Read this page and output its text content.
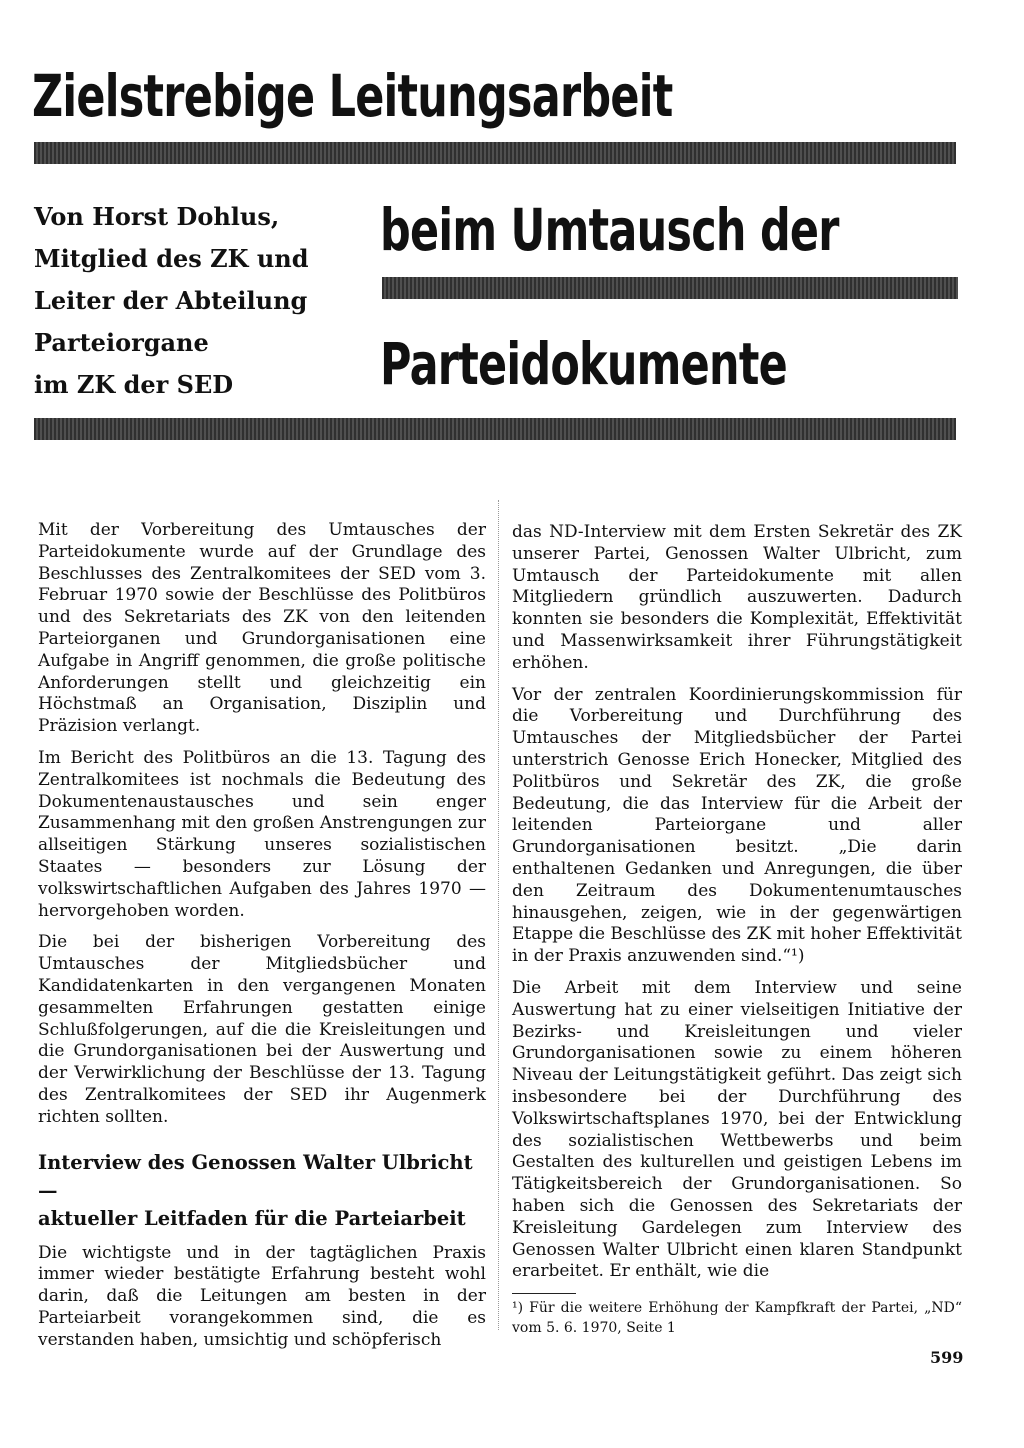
Zielstrebige Leitungsarbeit
Von Horst Dohlus,
Mitglied des ZK und
Leiter der Abteilung
Parteiorgane
im ZK der SED
beim Umtausch der
Parteidokumente

Mit der Vorbereitung des Umtausches der Parteidokumente wurde auf der Grundlage des Beschlusses des Zentralkomitees der SED vom 3. Februar 1970 sowie der Beschlüsse des Politbüros und des Sekretariats des ZK von den leitenden Parteiorganen und Grundorganisationen eine Aufgabe in Angriff genommen, die große politische Anforderungen stellt und gleichzeitig ein Höchstmaß an Organisation, Disziplin und Präzision verlangt.

Im Bericht des Politbüros an die 13. Tagung des Zentralkomitees ist nochmals die Bedeutung des Dokumentenaustausches und sein enger Zusammenhang mit den großen Anstrengungen zur allseitigen Stärkung unseres sozialistischen Staates — besonders zur Lösung der volkswirtschaftlichen Aufgaben des Jahres 1970 — hervorgehoben worden.

Die bei der bisherigen Vorbereitung des Umtausches der Mitgliedsbücher und Kandidatenkarten in den vergangenen Monaten gesammelten Erfahrungen gestatten einige Schlußfolgerungen, auf die die Kreisleitungen und die Grundorganisationen bei der Auswertung und der Verwirklichung der Beschlüsse der 13. Tagung des Zentralkomitees der SED ihr Augenmerk richten sollten.

Interview des Genossen Walter Ulbricht —
aktueller Leitfaden für die Parteiarbeit

Die wichtigste und in der tagtäglichen Praxis immer wieder bestätigte Erfahrung besteht wohl darin, daß die Leitungen am besten in der Parteiarbeit vorangekommen sind, die es verstanden haben, umsichtig und schöpferisch

das ND-Interview mit dem Ersten Sekretär des ZK unserer Partei, Genossen Walter Ulbricht, zum Umtausch der Parteidokumente mit allen Mitgliedern gründlich auszuwerten. Dadurch konnten sie besonders die Komplexität, Effektivität und Massenwirksamkeit ihrer Führungstätigkeit erhöhen.

Vor der zentralen Koordinierungskommission für die Vorbereitung und Durchführung des Umtausches der Mitgliedsbücher der Partei unterstrich Genosse Erich Honecker, Mitglied des Politbüros und Sekretär des ZK, die große Bedeutung, die das Interview für die Arbeit der leitenden Parteiorgane und aller Grundorganisationen besitzt. „Die darin enthaltenen Gedanken und Anregungen, die über den Zeitraum des Dokumentenumtausches hinausgehen, zeigen, wie in der gegenwärtigen Etappe die Beschlüsse des ZK mit hoher Effektivität in der Praxis anzuwenden sind.“¹)

Die Arbeit mit dem Interview und seine Auswertung hat zu einer vielseitigen Initiative der Bezirks- und Kreisleitungen und vieler Grundorganisationen sowie zu einem höheren Niveau der Leitungstätigkeit geführt. Das zeigt sich insbesondere bei der Durchführung des Volkswirtschaftsplanes 1970, bei der Entwicklung des sozialistischen Wettbewerbs und beim Gestalten des kulturellen und geistigen Lebens im Tätigkeitsbereich der Grundorganisationen. So haben sich die Genossen des Sekretariats der Kreisleitung Gardelegen zum Interview des Genossen Walter Ulbricht einen klaren Standpunkt erarbeitet. Er enthält, wie die

¹) Für die weitere Erhöhung der Kampfkraft der Partei, „ND“ vom 5. 6. 1970, Seite 1

599
